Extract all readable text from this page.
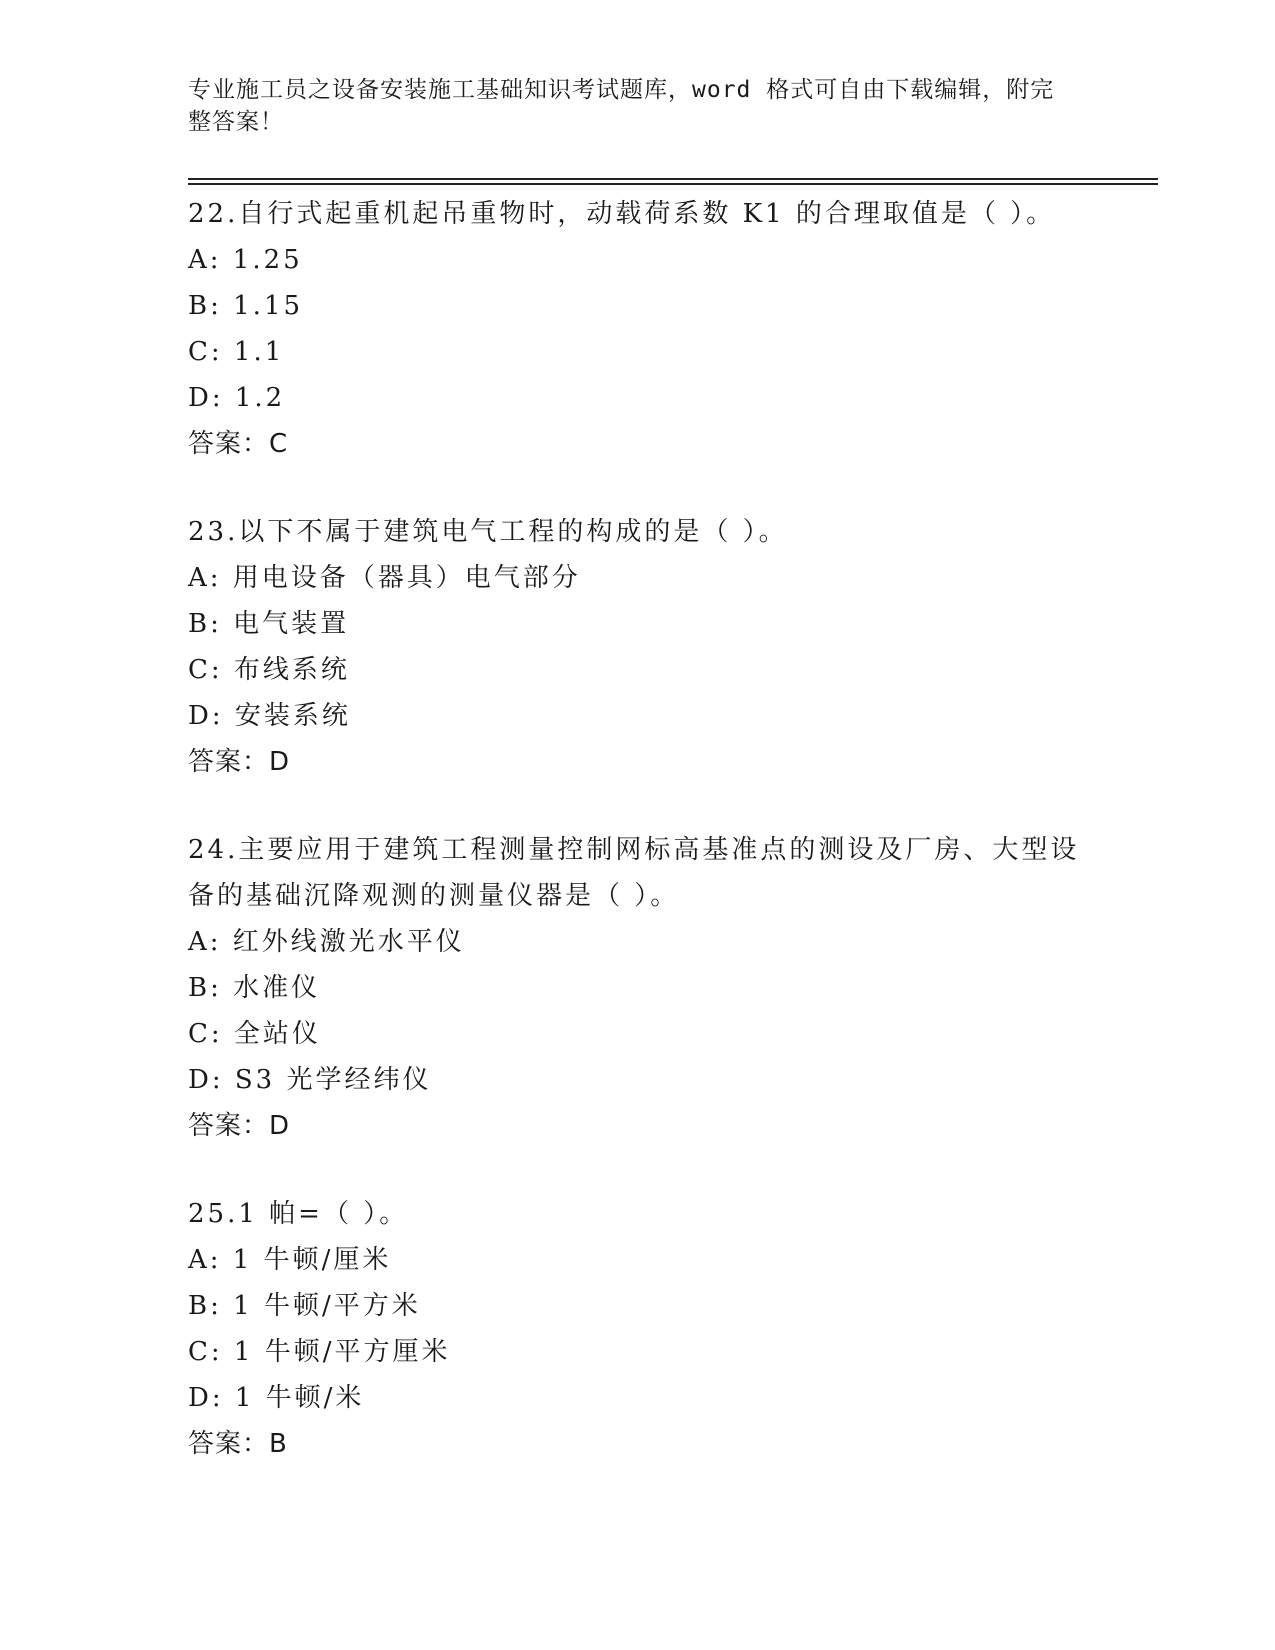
专业施工员之设备安装施工基础知识考试题库，word 格式可自由下载编辑，附完整答案！
22.自行式起重机起吊重物时，动载荷系数 K1 的合理取值是（ ）。
A: 1.25
B: 1.15
C: 1.1
D: 1.2
答案：C
23.以下不属于建筑电气工程的构成的是（ ）。
A: 用电设备（器具）电气部分
B: 电气装置
C: 布线系统
D: 安装系统
答案：D
24.主要应用于建筑工程测量控制网标高基准点的测设及厂房、大型设备的基础沉降观测的测量仪器是（ ）。
A: 红外线激光水平仪
B: 水准仪
C: 全站仪
D: S3 光学经纬仪
答案：D
25.1 帕=（ ）。
A: 1 牛顿/厘米
B: 1 牛顿/平方米
C: 1 牛顿/平方厘米
D: 1 牛顿/米
答案：B
